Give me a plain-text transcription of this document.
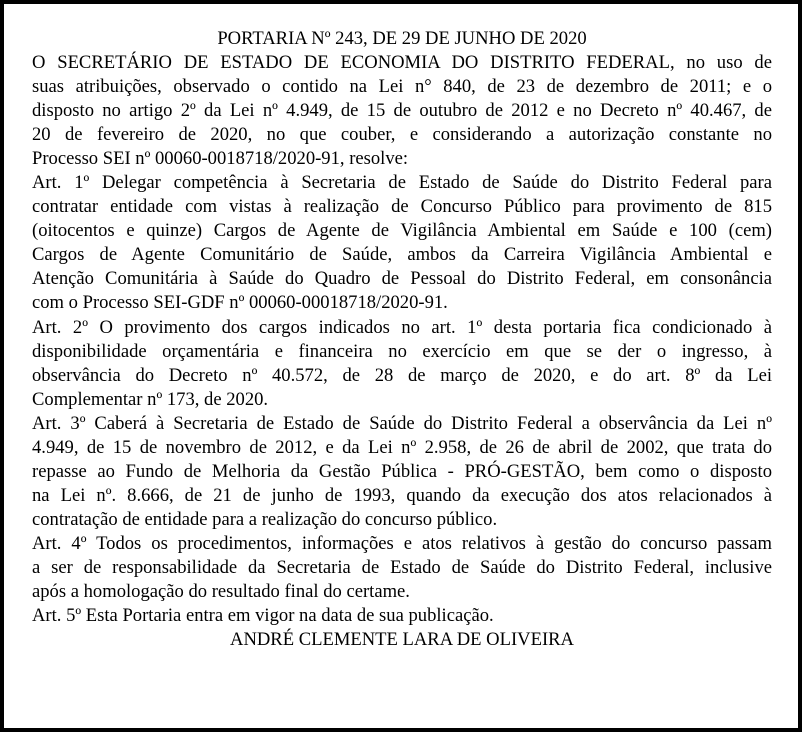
PORTARIA Nº 243, DE 29 DE JUNHO DE 2020
O SECRETÁRIO DE ESTADO DE ECONOMIA DO DISTRITO FEDERAL, no uso de
suas atribuições, observado o contido na Lei n° 840, de 23 de dezembro de 2011; e o
disposto no artigo 2º da Lei nº 4.949, de 15 de outubro de 2012 e no Decreto nº 40.467, de
20 de fevereiro de 2020, no que couber, e considerando a autorização constante no
Processo SEI nº 00060-0018718/2020-91, resolve:
Art. 1º Delegar competência à Secretaria de Estado de Saúde do Distrito Federal para
contratar entidade com vistas à realização de Concurso Público para provimento de 815
(oitocentos e quinze) Cargos de Agente de Vigilância Ambiental em Saúde e 100 (cem)
Cargos de Agente Comunitário de Saúde, ambos da Carreira Vigilância Ambiental e
Atenção Comunitária à Saúde do Quadro de Pessoal do Distrito Federal, em consonância
com o Processo SEI-GDF nº 00060-00018718/2020-91.
Art. 2º O provimento dos cargos indicados no art. 1º desta portaria fica condicionado à
disponibilidade orçamentária e financeira no exercício em que se der o ingresso, à
observância do Decreto nº 40.572, de 28 de março de 2020, e do art. 8º da Lei
Complementar nº 173, de 2020.
Art. 3º Caberá à Secretaria de Estado de Saúde do Distrito Federal a observância da Lei nº
4.949, de 15 de novembro de 2012, e da Lei nº 2.958, de 26 de abril de 2002, que trata do
repasse ao Fundo de Melhoria da Gestão Pública - PRÓ-GESTÃO, bem como o disposto
na Lei nº. 8.666, de 21 de junho de 1993, quando da execução dos atos relacionados à
contratação de entidade para a realização do concurso público.
Art. 4º Todos os procedimentos, informações e atos relativos à gestão do concurso passam
a ser de responsabilidade da Secretaria de Estado de Saúde do Distrito Federal, inclusive
após a homologação do resultado final do certame.
Art. 5º Esta Portaria entra em vigor na data de sua publicação.
ANDRÉ CLEMENTE LARA DE OLIVEIRA
